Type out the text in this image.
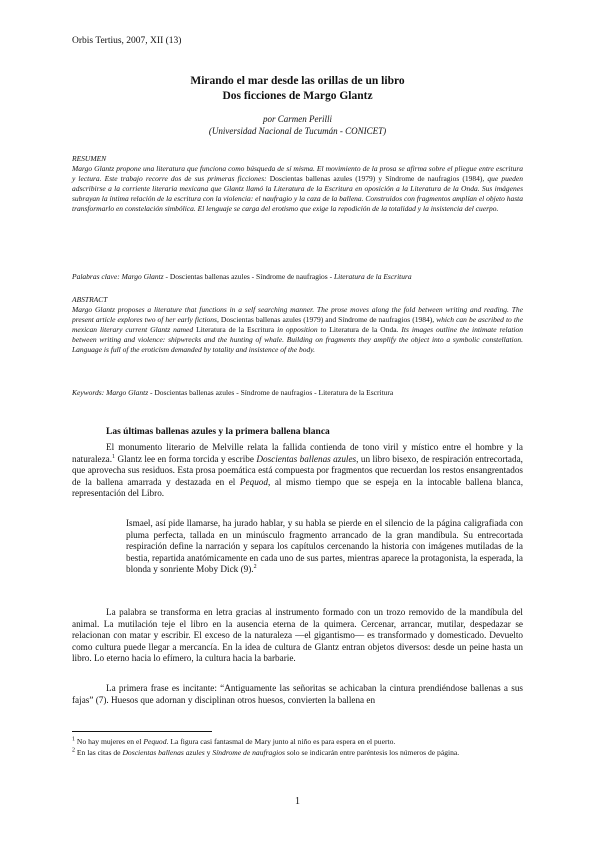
Orbis Tertius, 2007, XII (13)
Mirando el mar desde las orillas de un libro
Dos ficciones de Margo Glantz
por Carmen Perilli
(Universidad Nacional de Tucumán - CONICET)
RESUMEN
Margo Glantz propone una literatura que funciona como búsqueda de sí misma. El movimiento de la prosa se afirma sobre el pliegue entre escritura y lectura. Este trabajo recorre dos de sus primeras ficciones: Doscientas ballenas azules (1979) y Síndrome de naufragios (1984), que pueden adscribirse a la corriente literaria mexicana que Glantz llamó la Literatura de la Escritura en oposición a la Literatura de la Onda. Sus imágenes subrayan la íntima relación de la escritura con la violencia: el naufragio y la caza de la ballena. Construidos con fragmentos amplían el objeto hasta transformarlo en constelación simbólica. El lenguaje se carga del erotismo que exige la repodición de la totalidad y la insistencia del cuerpo.
Palabras clave: Margo Glantz - Doscientas ballenas azules - Síndrome de naufragios - Literatura de la Escritura
ABSTRACT
Margo Glantz proposes a literature that functions in a self searching manner. The prose moves along the fold between writing and reading. The present article explores two of her early fictions, Doscientas ballenas azules (1979) and Síndrome de naufragios (1984), which can be ascribed to the mexican literary current Glantz named Literatura de la Escritura in opposition to Literatura de la Onda. Its images outline the intimate relation between writing and violence: shipwrecks and the hunting of whale. Building on fragments they amplify the object into a symbolic constellation. Language is full of the eroticism demanded by totality and insistence of the body.
Keywords: Margo Glantz - Doscientas ballenas azules - Síndrome de naufragios - Literatura de la Escritura
Las últimas ballenas azules y la primera ballena blanca
El monumento literario de Melville relata la fallida contienda de tono viril y místico entre el hombre y la naturaleza.$^1$ Glantz lee en forma torcida y escribe Doscientas ballenas azules, un libro bisexo, de respiración entrecortada, que aprovecha sus residuos. Esta prosa poemática está compuesta por fragmentos que recuerdan los restos ensangrentados de la ballena amarrada y destazada en el Pequod, al mismo tiempo que se espeja en la intocable ballena blanca, representación del Libro.
Ismael, así pide llamarse, ha jurado hablar, y su habla se pierde en el silencio de la página caligrafiada con pluma perfecta, tallada en un minúsculo fragmento arrancado de la gran mandíbula. Su entrecortada respiración define la narración y separa los capítulos cercenando la historia con imágenes mutiladas de la bestia, repartida anatómicamente en cada uno de sus partes, mientras aparece la protagonista, la esperada, la blonda y sonriente Moby Dick (9).$^2$
La palabra se transforma en letra gracias al instrumento formado con un trozo removido de la mandíbula del animal. La mutilación teje el libro en la ausencia eterna de la quimera. Cercenar, arrancar, mutilar, despedazar se relacionan con matar y escribir. El exceso de la naturaleza —el gigantismo— es transformado y domesticado. Devuelto como cultura puede llegar a mercancía. En la idea de cultura de Glantz entran objetos diversos: desde un peine hasta un libro. Lo eterno hacia lo efímero, la cultura hacia la barbarie.
La primera frase es incitante: “Antiguamente las señoritas se achicaban la cintura prendiéndose ballenas a sus fajas” (7). Huesos que adornan y disciplinan otros huesos, convierten la ballena en
$^1$ No hay mujeres en el Pequod. La figura casi fantasmal de Mary junto al niño es para espera en el puerto.
$^2$ En las citas de Doscientas ballenas azules y Síndrome de naufragios solo se indicarán entre paréntesis los números de página.
1
